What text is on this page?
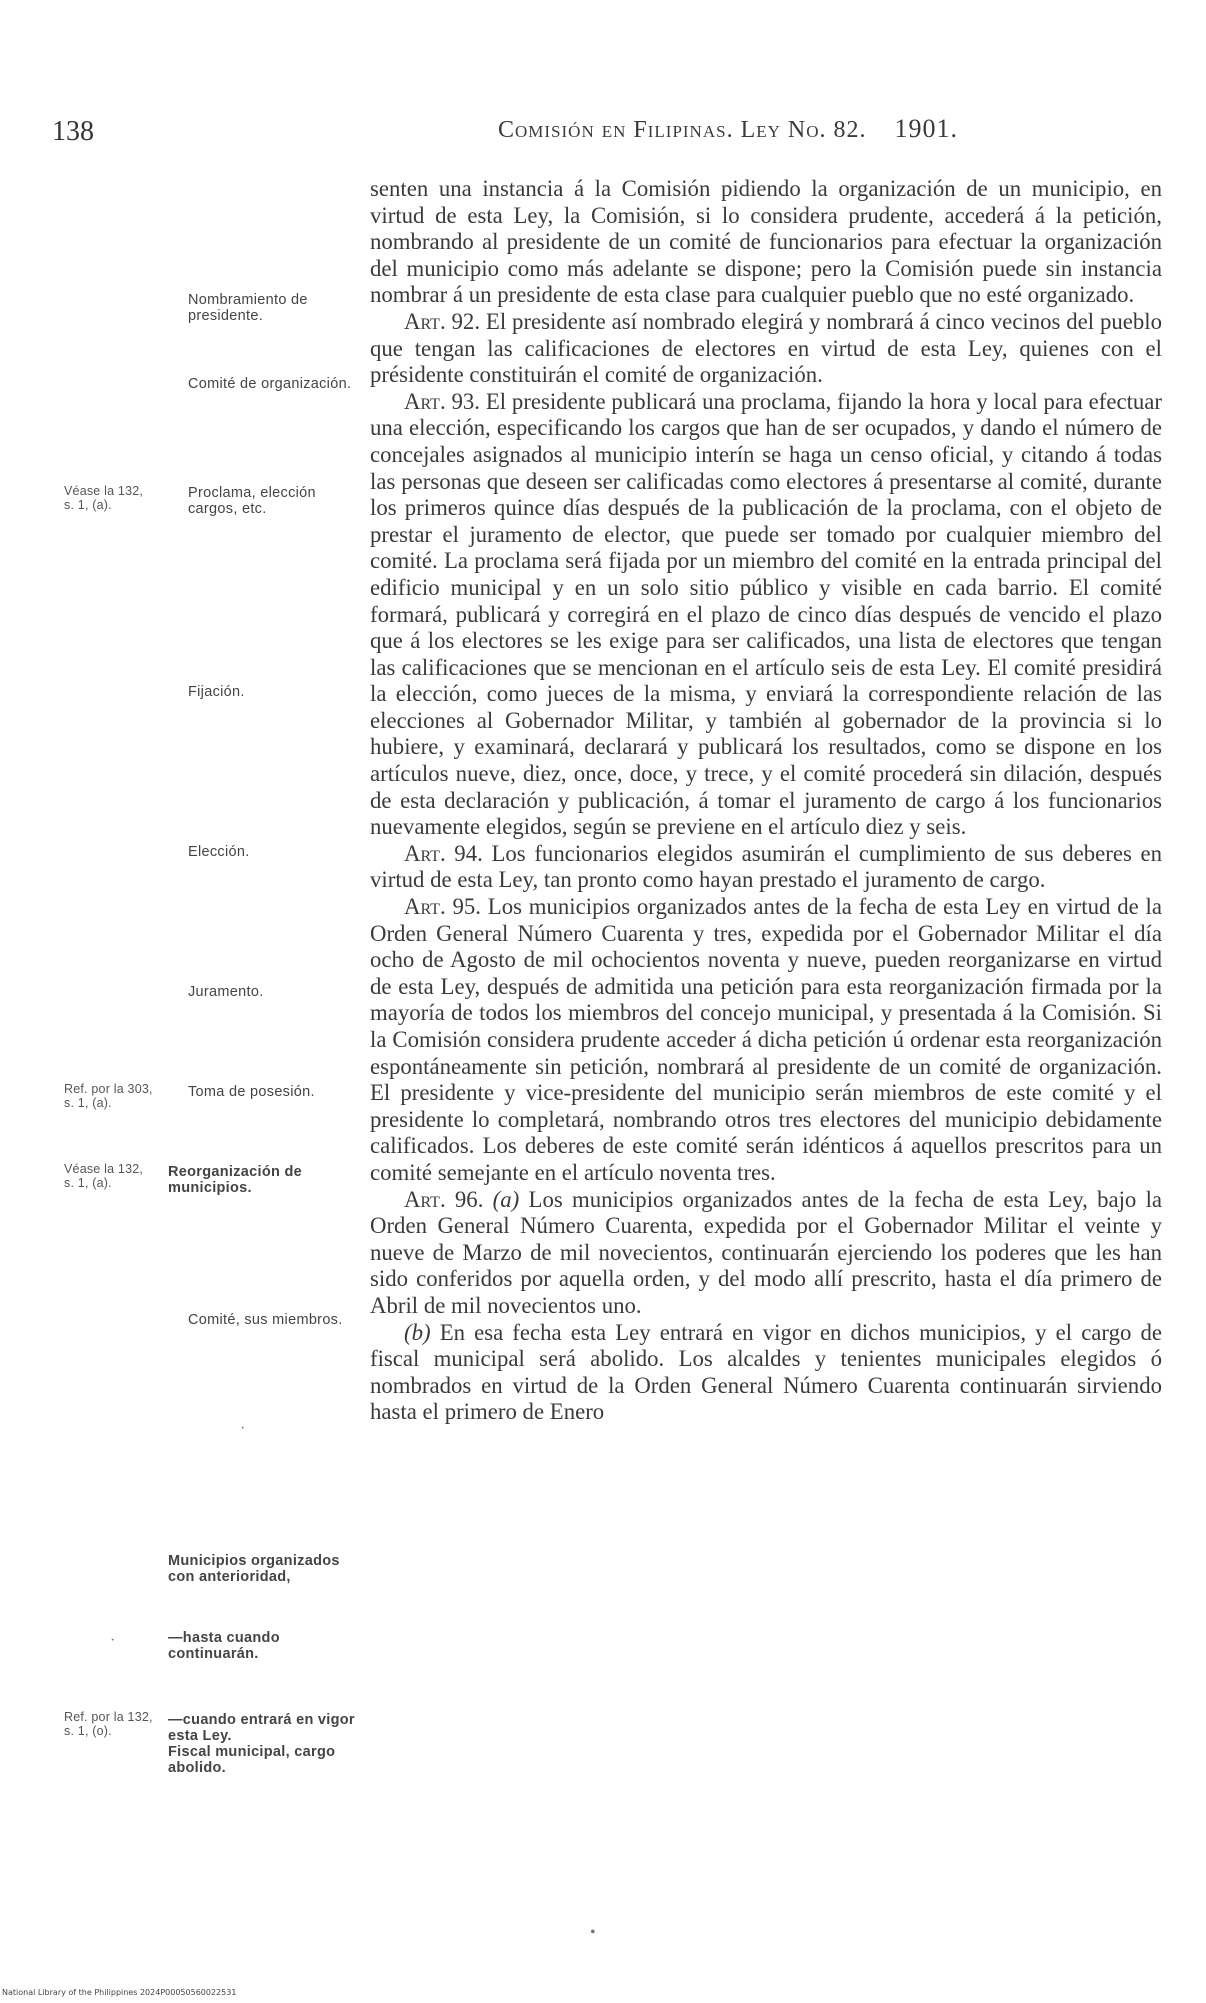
138	Comisión en Filipinas. Ley No. 82. 1901.
Nombramiento de presidente.
Comité de organización.
Proclama, elección cargos, etc.
Fijación.
Elección.
Juramento.
Toma de posesión.
Reorganización de municipios.
Comité, sus miembros.
Municipios organizados con anterioridad,
—hasta cuando continuarán.
—cuando entrará en vigor esta Ley.
Fiscal municipal, cargo abolido.
Véase la 132, s. 1, (a).
Ref. por la 303, s. 1, (a).
Véase la 132, s. 1, (a).
Ref. por la 132, s. 1, (o).
·
·
•

senten una instancia á la Comisión pidiendo la organización de un municipio, en virtud de esta Ley, la Comisión, si lo considera prudente, accederá á la petición, nombrando al presidente de un comité de funcionarios para efectuar la organización del municipio como más adelante se dispone; pero la Comisión puede sin instancia nombrar á un presidente de esta clase para cualquier pueblo que no esté organizado.

Art. 92. El presidente así nombrado elegirá y nombrará á cinco vecinos del pueblo que tengan las calificaciones de electores en virtud de esta Ley, quienes con el présidente constituirán el comité de organización.

Art. 93. El presidente publicará una proclama, fijando la hora y local para efectuar una elección, especificando los cargos que han de ser ocupados, y dando el número de concejales asignados al municipio interín se haga un censo oficial, y citando á todas las personas que deseen ser calificadas como electores á presentarse al comité, durante los primeros quince días después de la publicación de la proclama, con el objeto de prestar el juramento de elector, que puede ser tomado por cualquier miembro del comité. La proclama será fijada por un miembro del comité en la entrada principal del edificio municipal y en un solo sitio público y visible en cada barrio. El comité formará, publicará y corregirá en el plazo de cinco días después de vencido el plazo que á los electores se les exige para ser calificados, una lista de electores que tengan las calificaciones que se mencionan en el artículo seis de esta Ley. El comité presidirá la elección, como jueces de la misma, y enviará la correspondiente relación de las elecciones al Gobernador Militar, y también al gobernador de la provincia si lo hubiere, y examinará, declarará y publicará los resultados, como se dispone en los artículos nueve, diez, once, doce, y trece, y el comité procederá sin dilación, después de esta declaración y publicación, á tomar el juramento de cargo á los funcionarios nuevamente elegidos, según se previene en el artículo diez y seis.

Art. 94. Los funcionarios elegidos asumirán el cumplimiento de sus deberes en virtud de esta Ley, tan pronto como hayan prestado el juramento de cargo.

Art. 95. Los municipios organizados antes de la fecha de esta Ley en virtud de la Orden General Número Cuarenta y tres, expedida por el Gobernador Militar el día ocho de Agosto de mil ochocientos noventa y nueve, pueden reorganizarse en virtud de esta Ley, después de admitida una petición para esta reorganización firmada por la mayoría de todos los miembros del concejo municipal, y presentada á la Comisión. Si la Comisión considera prudente acceder á dicha petición ú ordenar esta reorganización espontáneamente sin petición, nombrará al presidente de un comité de organización. El presidente y vice-presidente del municipio serán miembros de este comité y el presidente lo completará, nombrando otros tres electores del municipio debidamente calificados. Los deberes de este comité serán idénticos á aquellos prescritos para un comité semejante en el artículo noventa tres.

Art. 96. (a) Los municipios organizados antes de la fecha de esta Ley, bajo la Orden General Número Cuarenta, expedida por el Gobernador Militar el veinte y nueve de Marzo de mil novecientos, continuarán ejerciendo los poderes que les han sido conferidos por aquella orden, y del modo allí prescrito, hasta el día primero de Abril de mil novecientos uno.

(b) En esa fecha esta Ley entrará en vigor en dichos municipios, y el cargo de fiscal municipal será abolido. Los alcaldes y tenientes municipales elegidos ó nombrados en virtud de la Orden General Número Cuarenta continuarán sirviendo hasta el primero de Enero

National Library of the Philippines 2024P00050560022531
